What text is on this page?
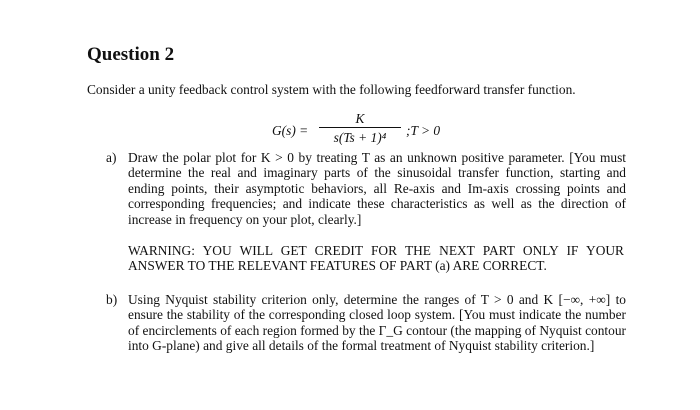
Question 2
Consider a unity feedback control system with the following feedforward transfer function.
G(s) =
K
s(Ts + 1)⁴	;T > 0
a) Draw the polar plot for K > 0 by treating T as an unknown positive parameter. [You must determine the real and imaginary parts of the sinusoidal transfer function, starting and ending points, their asymptotic behaviors, all Re-axis and Im-axis crossing points and corresponding frequencies; and indicate these characteristics as well as the direction of increase in frequency on your plot, clearly.]
WARNING: YOU WILL GET CREDIT FOR THE NEXT PART ONLY IF YOUR ANSWER TO THE RELEVANT FEATURES OF PART (a) ARE CORRECT.
b) Using Nyquist stability criterion only, determine the ranges of T > 0 and K [−∞, +∞] to ensure the stability of the corresponding closed loop system. [You must indicate the number of encirclements of each region formed by the Γ_G contour (the mapping of Nyquist contour into G-plane) and give all details of the formal treatment of Nyquist stability criterion.]
